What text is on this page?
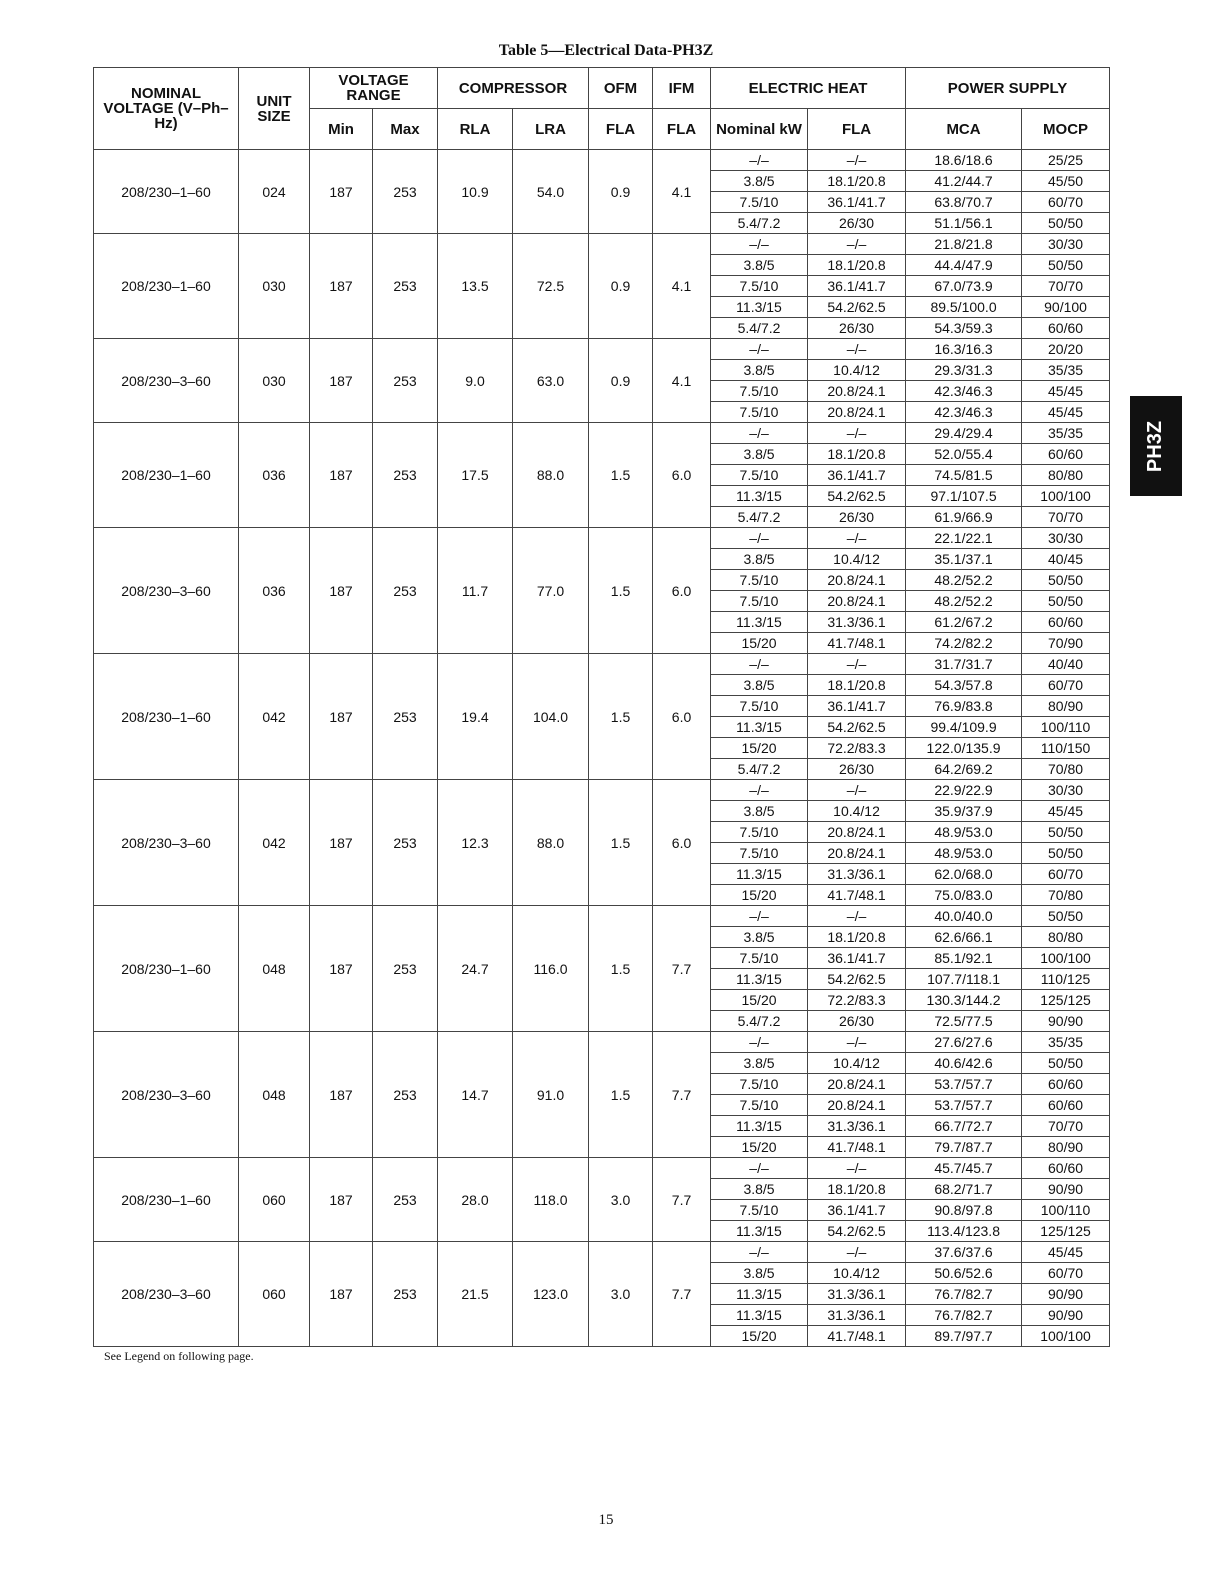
Table 5—Electrical Data-PH3Z
NOMINAL VOLTAGE (V–Ph–Hz)	UNIT SIZE	VOLTAGE RANGE		COMPRESSOR		OFM	IFM	ELECTRIC HEAT		POWER SUPPLY	
		Min	Max	RLA	LRA	FLA	FLA	Nominal kW	FLA	MCA	MOCP
208/230–1–60	024	187	253	10.9	54.0	0.9	4.1	–/–	–/–	18.6/18.6	25/25
								3.8/5	18.1/20.8	41.2/44.7	45/50
								7.5/10	36.1/41.7	63.8/70.7	60/70
								5.4/7.2	26/30	51.1/56.1	50/50
208/230–1–60	030	187	253	13.5	72.5	0.9	4.1	–/–	–/–	21.8/21.8	30/30
								3.8/5	18.1/20.8	44.4/47.9	50/50
								7.5/10	36.1/41.7	67.0/73.9	70/70
								11.3/15	54.2/62.5	89.5/100.0	90/100
								5.4/7.2	26/30	54.3/59.3	60/60
208/230–3–60	030	187	253	9.0	63.0	0.9	4.1	–/–	–/–	16.3/16.3	20/20
								3.8/5	10.4/12	29.3/31.3	35/35
								7.5/10	20.8/24.1	42.3/46.3	45/45
								7.5/10	20.8/24.1	42.3/46.3	45/45
208/230–1–60	036	187	253	17.5	88.0	1.5	6.0	–/–	–/–	29.4/29.4	35/35
								3.8/5	18.1/20.8	52.0/55.4	60/60
								7.5/10	36.1/41.7	74.5/81.5	80/80
								11.3/15	54.2/62.5	97.1/107.5	100/100
								5.4/7.2	26/30	61.9/66.9	70/70
208/230–3–60	036	187	253	11.7	77.0	1.5	6.0	–/–	–/–	22.1/22.1	30/30
								3.8/5	10.4/12	35.1/37.1	40/45
								7.5/10	20.8/24.1	48.2/52.2	50/50
								7.5/10	20.8/24.1	48.2/52.2	50/50
								11.3/15	31.3/36.1	61.2/67.2	60/60
								15/20	41.7/48.1	74.2/82.2	70/90
208/230–1–60	042	187	253	19.4	104.0	1.5	6.0	–/–	–/–	31.7/31.7	40/40
								3.8/5	18.1/20.8	54.3/57.8	60/70
								7.5/10	36.1/41.7	76.9/83.8	80/90
								11.3/15	54.2/62.5	99.4/109.9	100/110
								15/20	72.2/83.3	122.0/135.9	110/150
								5.4/7.2	26/30	64.2/69.2	70/80
208/230–3–60	042	187	253	12.3	88.0	1.5	6.0	–/–	–/–	22.9/22.9	30/30
								3.8/5	10.4/12	35.9/37.9	45/45
								7.5/10	20.8/24.1	48.9/53.0	50/50
								7.5/10	20.8/24.1	48.9/53.0	50/50
								11.3/15	31.3/36.1	62.0/68.0	60/70
								15/20	41.7/48.1	75.0/83.0	70/80
208/230–1–60	048	187	253	24.7	116.0	1.5	7.7	–/–	–/–	40.0/40.0	50/50
								3.8/5	18.1/20.8	62.6/66.1	80/80
								7.5/10	36.1/41.7	85.1/92.1	100/100
								11.3/15	54.2/62.5	107.7/118.1	110/125
								15/20	72.2/83.3	130.3/144.2	125/125
								5.4/7.2	26/30	72.5/77.5	90/90
208/230–3–60	048	187	253	14.7	91.0	1.5	7.7	–/–	–/–	27.6/27.6	35/35
								3.8/5	10.4/12	40.6/42.6	50/50
								7.5/10	20.8/24.1	53.7/57.7	60/60
								7.5/10	20.8/24.1	53.7/57.7	60/60
								11.3/15	31.3/36.1	66.7/72.7	70/70
								15/20	41.7/48.1	79.7/87.7	80/90
208/230–1–60	060	187	253	28.0	118.0	3.0	7.7	–/–	–/–	45.7/45.7	60/60
								3.8/5	18.1/20.8	68.2/71.7	90/90
								7.5/10	36.1/41.7	90.8/97.8	100/110
								11.3/15	54.2/62.5	113.4/123.8	125/125
208/230–3–60	060	187	253	21.5	123.0	3.0	7.7	–/–	–/–	37.6/37.6	45/45
								3.8/5	10.4/12	50.6/52.6	60/70
								11.3/15	31.3/36.1	76.7/82.7	90/90
								11.3/15	31.3/36.1	76.7/82.7	90/90
								15/20	41.7/48.1	89.7/97.7	100/100
See Legend on following page.
15
PH3Z
